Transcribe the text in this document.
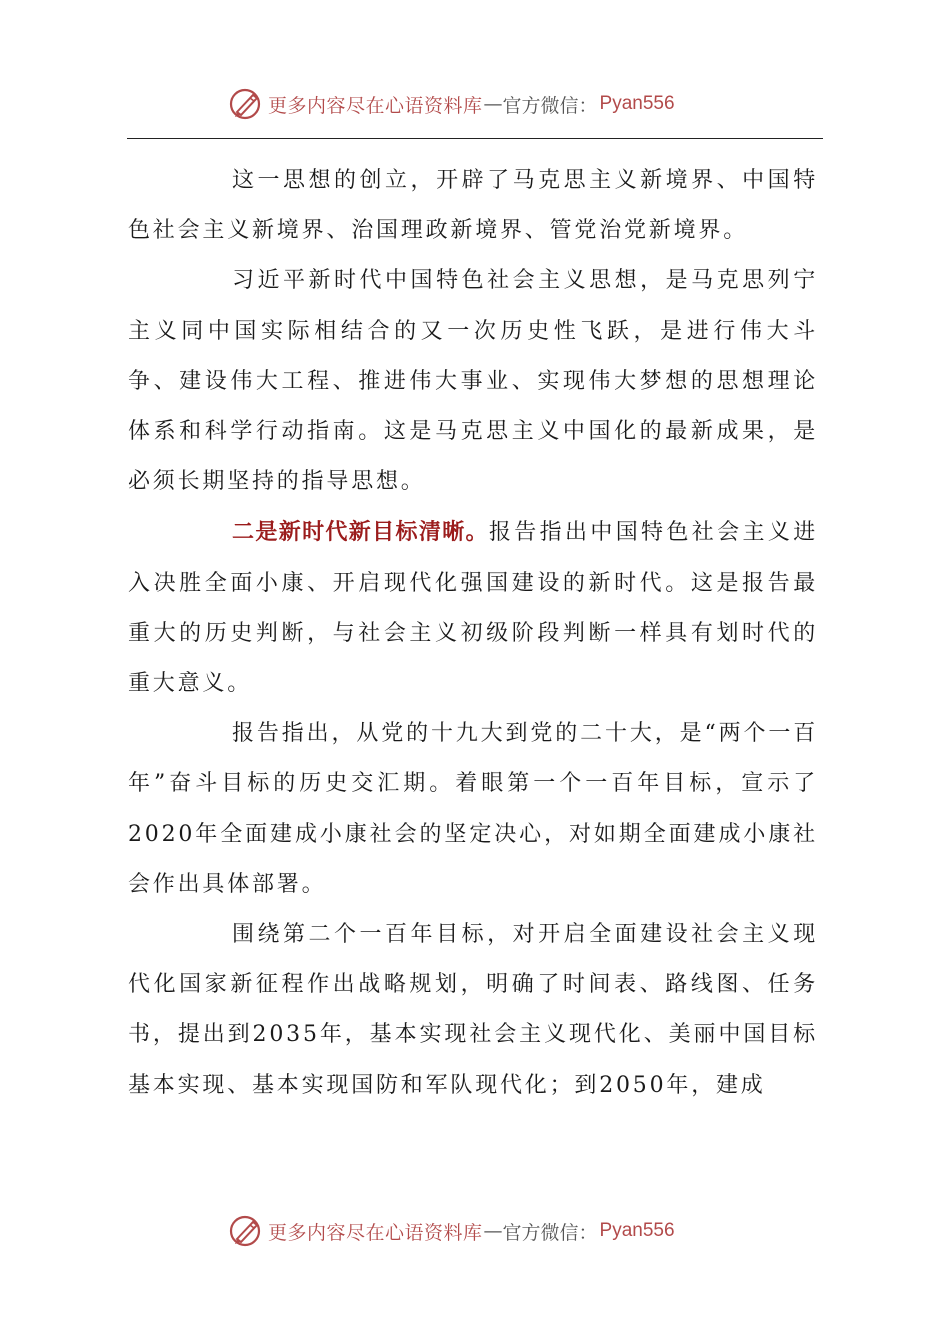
更多内容尽在心语资料库 — 官方微信： Pyan556

这一思想的创立，开辟了马克思主义新境界、中国特色社会主义新境界、治国理政新境界、管党治党新境界。

习近平新时代中国特色社会主义思想，是马克思列宁主义同中国实际相结合的又一次历史性飞跃，是进行伟大斗争、建设伟大工程、推进伟大事业、实现伟大梦想的思想理论体系和科学行动指南。这是马克思主义中国化的最新成果，是必须长期坚持的指导思想。

二是新时代新目标清晰。报告指出中国特色社会主义进入决胜全面小康、开启现代化强国建设的新时代。这是报告最重大的历史判断，与社会主义初级阶段判断一样具有划时代的重大意义。

报告指出，从党的十九大到党的二十大，是“两个一百年”奋斗目标的历史交汇期。着眼第一个一百年目标，宣示了2020年全面建成小康社会的坚定决心，对如期全面建成小康社会作出具体部署。

围绕第二个一百年目标，对开启全面建设社会主义现代化国家新征程作出战略规划，明确了时间表、路线图、任务书，提出到2035年，基本实现社会主义现代化、美丽中国目标基本实现、基本实现国防和军队现代化；到2050年，建成

更多内容尽在心语资料库 — 官方微信： Pyan556
